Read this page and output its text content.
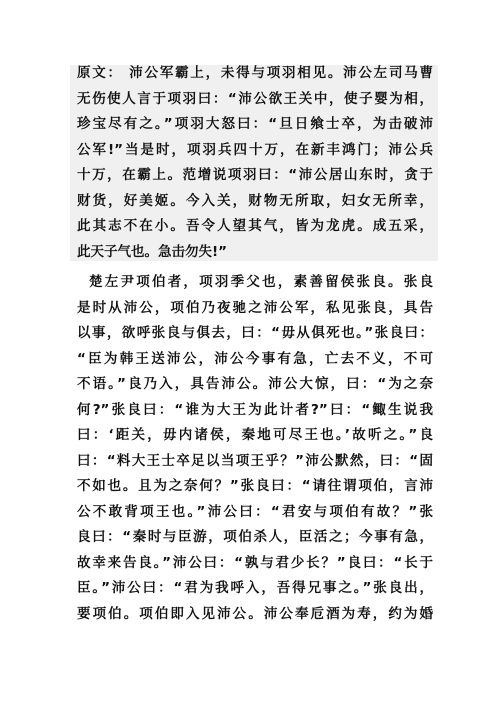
原文： 沛公军霸上，未得与项羽相见。沛公左司马曹
无伤使人言于项羽曰：“沛公欲王关中，使子婴为相，
珍宝尽有之。”项羽大怒曰：“旦日飨士卒，为击破沛
公军!”当是时，项羽兵四十万，在新丰鸿门；沛公兵
十万，在霸上。范增说项羽曰：“沛公居山东时，贪于
财货，好美姬。今入关，财物无所取，妇女无所幸，
此其志不在小。吾令人望其气，皆为龙虎。成五采，
此天子气也。急击勿失!”
楚左尹项伯者，项羽季父也，素善留侯张良。张良
是时从沛公，项伯乃夜驰之沛公军，私见张良，具告
以事，欲呼张良与俱去，曰：“毋从俱死也。”张良曰：
“臣为韩王送沛公，沛公今事有急，亡去不义，不可
不语。”良乃入，具告沛公。沛公大惊，曰：“为之奈
何?”张良曰：“谁为大王为此计者?”曰：“鲰生说我
曰：‘距关，毋内诸侯，秦地可尽王也。’故听之。”良
曰：“料大王士卒足以当项王乎？”沛公默然，曰：“固
不如也。且为之奈何？”张良曰：“请往谓项伯，言沛
公不敢背项王也。”沛公曰：“君安与项伯有故？”张
良曰：“秦时与臣游，项伯杀人，臣活之；今事有急，
故幸来告良。”沛公曰：“孰与君少长？”良曰：“长于
臣。”沛公曰：“君为我呼入，吾得兄事之。”张良出，
要项伯。项伯即入见沛公。沛公奉卮酒为寿，约为婚
